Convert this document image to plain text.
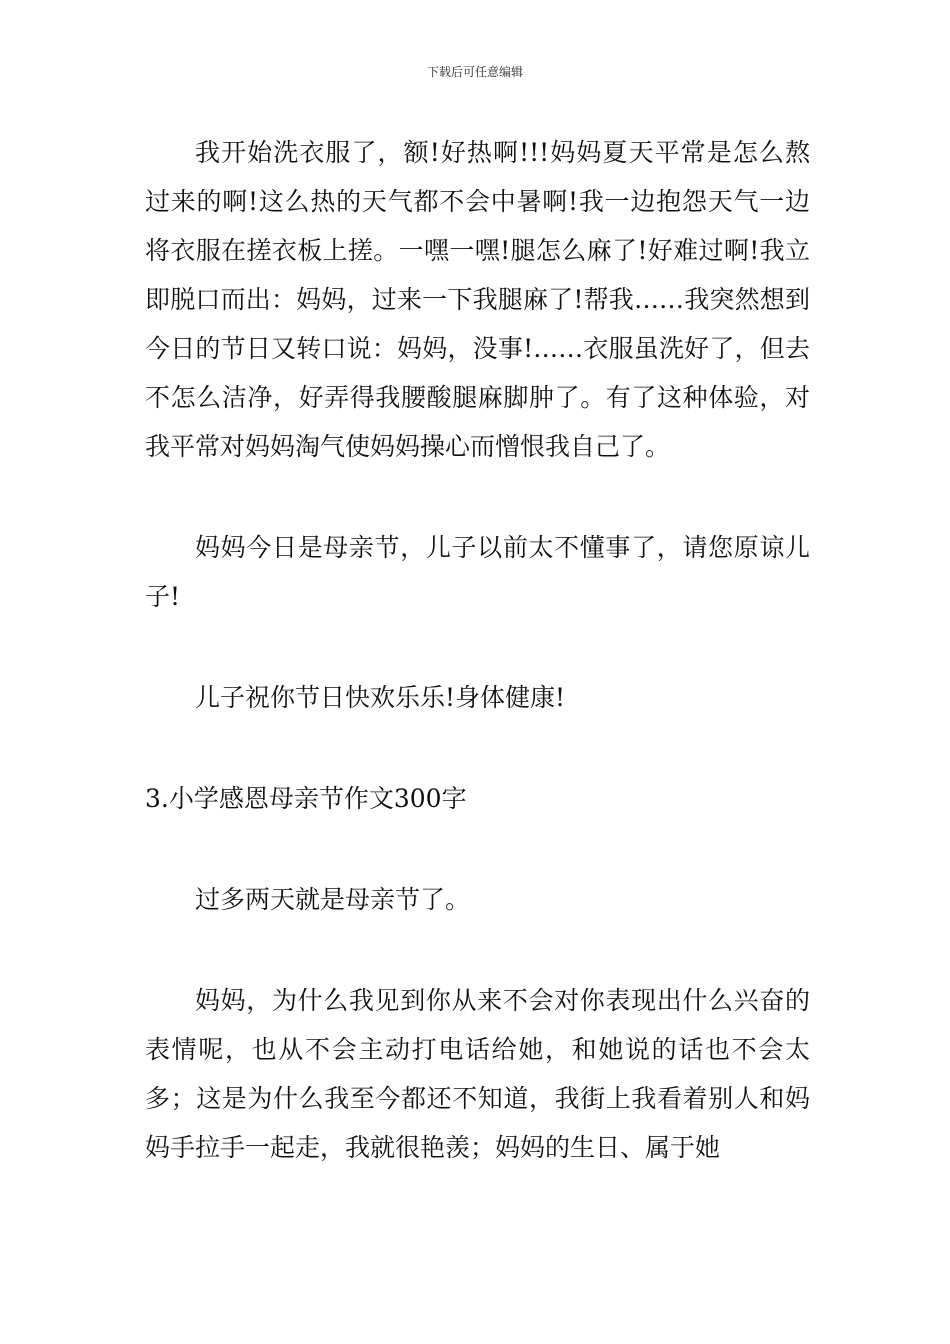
下载后可任意编辑

我开始洗衣服了，额!好热啊!!!妈妈夏天平常是怎么熬过来的啊!这么热的天气都不会中暑啊!我一边抱怨天气一边将衣服在搓衣板上搓。一嘿一嘿!腿怎么麻了!好难过啊!我立即脱口而出：妈妈，过来一下我腿麻了!帮我……我突然想到今日的节日又转口说：妈妈，没事!……衣服虽洗好了，但去不怎么洁净，好弄得我腰酸腿麻脚肿了。有了这种体验，对我平常对妈妈淘气使妈妈操心而憎恨我自己了。

妈妈今日是母亲节，儿子以前太不懂事了，请您原谅儿子!

儿子祝你节日快欢乐乐!身体健康!

3.小学感恩母亲节作文300字

过多两天就是母亲节了。

妈妈，为什么我见到你从来不会对你表现出什么兴奋的表情呢，也从不会主动打电话给她，和她说的话也不会太多；这是为什么我至今都还不知道，我街上我看着别人和妈妈手拉手一起走，我就很艳羡；妈妈的生日、属于她
